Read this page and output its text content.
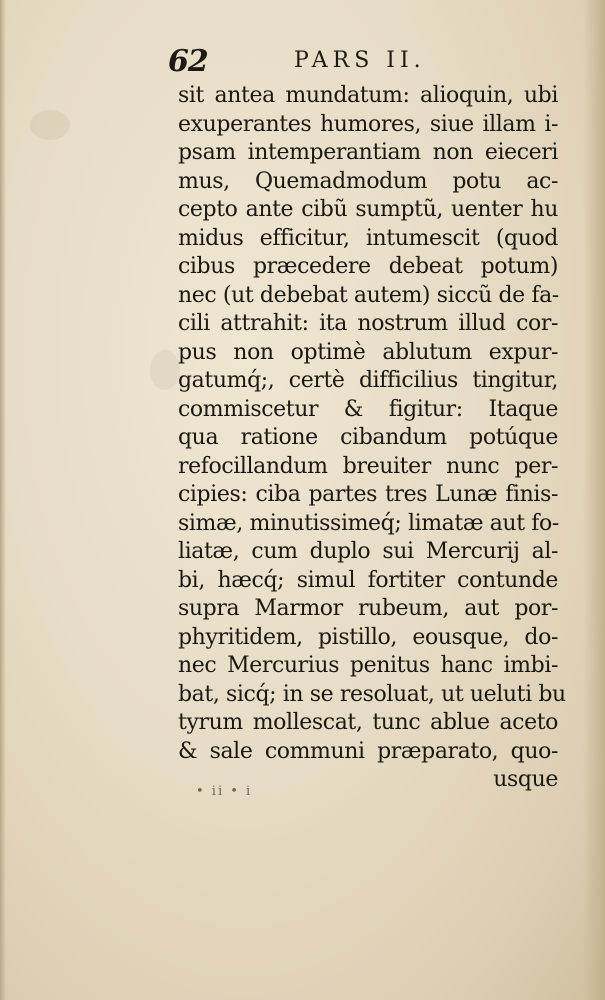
62	PARS II.
sit antea mundatum: alioquin, ubi
exuperantes humores, siue illam i-
psam intemperantiam non eieceri
mus, Quemadmodum potu ac-
cepto ante cibũ sumptũ, uenter hu
midus efficitur, intumescit (quod
cibus præcedere debeat potum)
nec (ut debebat autem) siccũ de fa-
cili attrahit: ita nostrum illud cor-
pus non optimè ablutum expur-
gatumq́;, certè difficilius tingitur,
commiscetur & figitur: Itaque
qua ratione cibandum potúque
refocillandum breuiter nunc per-
cipies: ciba partes tres Lunæ finis-
simæ, minutissimeq́; limatæ aut fo-
liatæ, cum duplo sui Mercurij al-
bi, hæcq́; simul fortiter contunde
supra Marmor rubeum, aut por-
phyritidem, pistillo, eousque, do-
nec Mercurius penitus hanc imbi-
bat, sicq́; in se resoluat, ut ueluti bu
tyrum mollescat, tunc ablue aceto
& sale communi præparato, quo-
usque
• ii • i
